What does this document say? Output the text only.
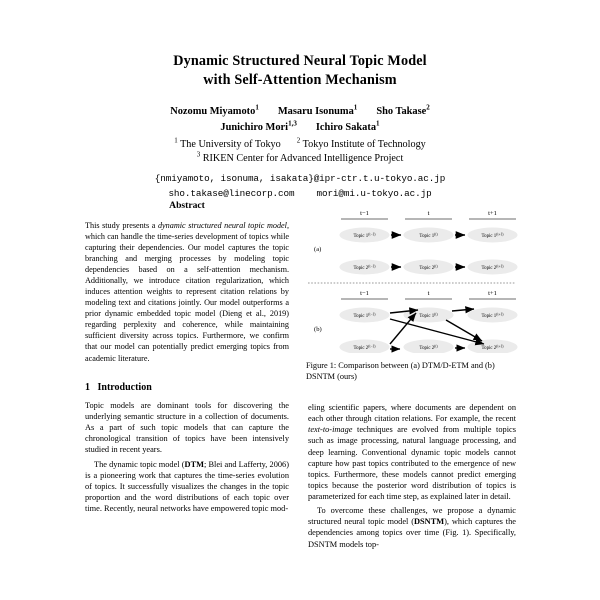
Dynamic Structured Neural Topic Model
with Self-Attention Mechanism
Nozomu Miyamoto$^1$ Masaru Isonuma$^1$ Sho Takase$^2$
Junichiro Mori$^{1,3}$ Ichiro Sakata$^1$
$^1$ The University of Tokyo $^2$ Tokyo Institute of Technology
$^3$ RIKEN Center for Advanced Intelligence Project
{nmiyamoto, isonuma, isakata}@ipr-ctr.t.u-tokyo.ac.jp
sho.takase@linecorp.com mori@mi.u-tokyo.ac.jp
Abstract

This study presents a dynamic structured neural topic model, which can handle the time-series development of topics while capturing their dependencies. Our model captures the topic branching and merging processes by modeling topic dependencies based on a self-attention mechanism. Additionally, we introduce citation regularization, which induces attention weights to represent citation relations by modeling text and citations jointly. Our model outperforms a prior dynamic embedded topic model (Dieng et al., 2019) regarding perplexity and coherence, while maintaining sufficient diversity across topics. Furthermore, we confirm that our model can potentially predict emerging topics from academic literature.

1 Introduction

Topic models are dominant tools for discovering the underlying semantic structure in a collection of documents. As a part of such topic models that can capture the chronological transition of topics have been intensively studied in recent years.

The dynamic topic model (DTM; Blei and Lafferty, 2006) is a pioneering work that captures the time-series evolution of topics. It successfully visualizes the changes in the topic proportion and the word distributions of each topic over time. Recently, neural networks have empowered topic mod-

eling scientific papers, where documents are dependent on each other through citation relations. For example, the recent text-to-image techniques are evolved from multiple topics such as image processing, natural language processing, and deep learning. Conventional dynamic topic models cannot capture how past topics contributed to the emergence of new topics. Furthermore, these models cannot predict emerging topics because the posterior word distribution of topics is parameterized for each time step, as explained later in detail.

To overcome these challenges, we propose a dynamic structured neural topic model (DSNTM), which captures the dependencies among topics over time (Fig. 1). Specifically, DSNTM models top-

t−1	t	t+1
(a)
Topic $1^{(t-1)}$	Topic 1$^{(t)}$	Topic $1^{(t+1)}$
Topic $2^{(t-1)}$	Topic 2$^{(t)}$	Topic $2^{(t+1)}$
t−1	t	t+1
(b)
Topic $1^{(t-1)}$	Topic 1$^{(t)}$	Topic $1^{(t+1)}$
Topic $2^{(t-1)}$	Topic 2$^{(t)}$	Topic $2^{(t+1)}$
Figure 1: Comparison between (a) DTM/D-ETM and (b) DSNTM (ours)
